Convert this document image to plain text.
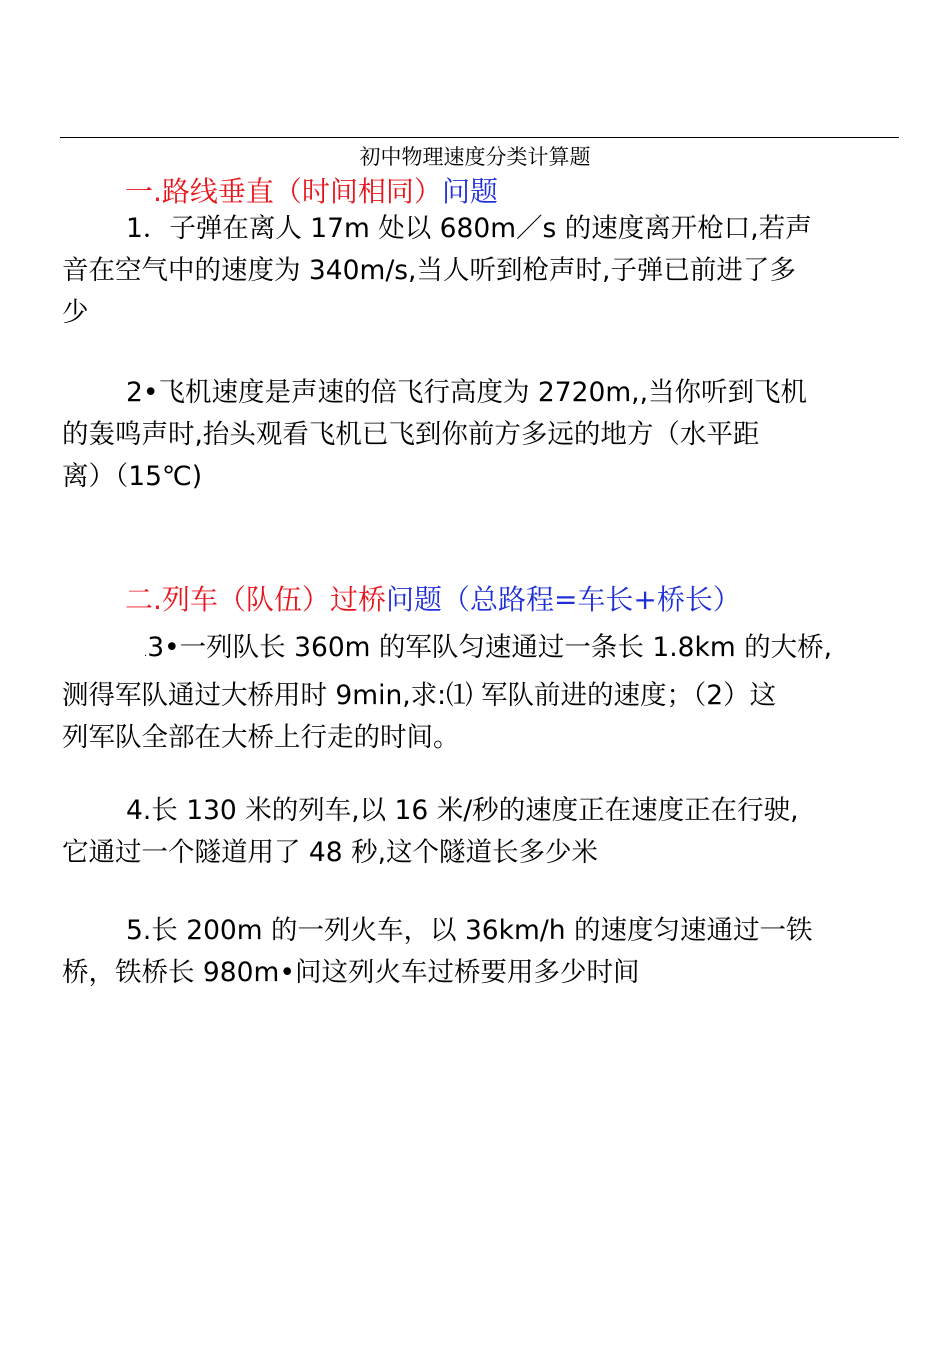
初中物理速度分类计算题
一.路线垂直（时间相同）问题
1．子弹在离人 17m 处以 680m／s 的速度离开枪口,若声
音在空气中的速度为 340m/s,当人听到枪声时,子弹已前进了多
少
2•飞机速度是声速的倍飞行高度为 2720m,,当你听到飞机
的轰鸣声时,抬头观看飞机已飞到你前方多远的地方（水平距
离）（15℃)
二.列车（队伍）过桥问题（总路程=车长+桥长）
.3•一列队长 360m 的军队匀速通过一条长 1.8km 的大桥,
测得军队通过大桥用时 9min,求:⑴ 军队前进的速度；（2）这
列军队全部在大桥上行走的时间。
4.长 130 米的列车,以 16 米/秒的速度正在速度正在行驶,
它通过一个隧道用了 48 秒,这个隧道长多少米
5.长 200m 的一列火车，以 36km/h 的速度匀速通过一铁
桥，铁桥长 980m•问这列火车过桥要用多少时间
